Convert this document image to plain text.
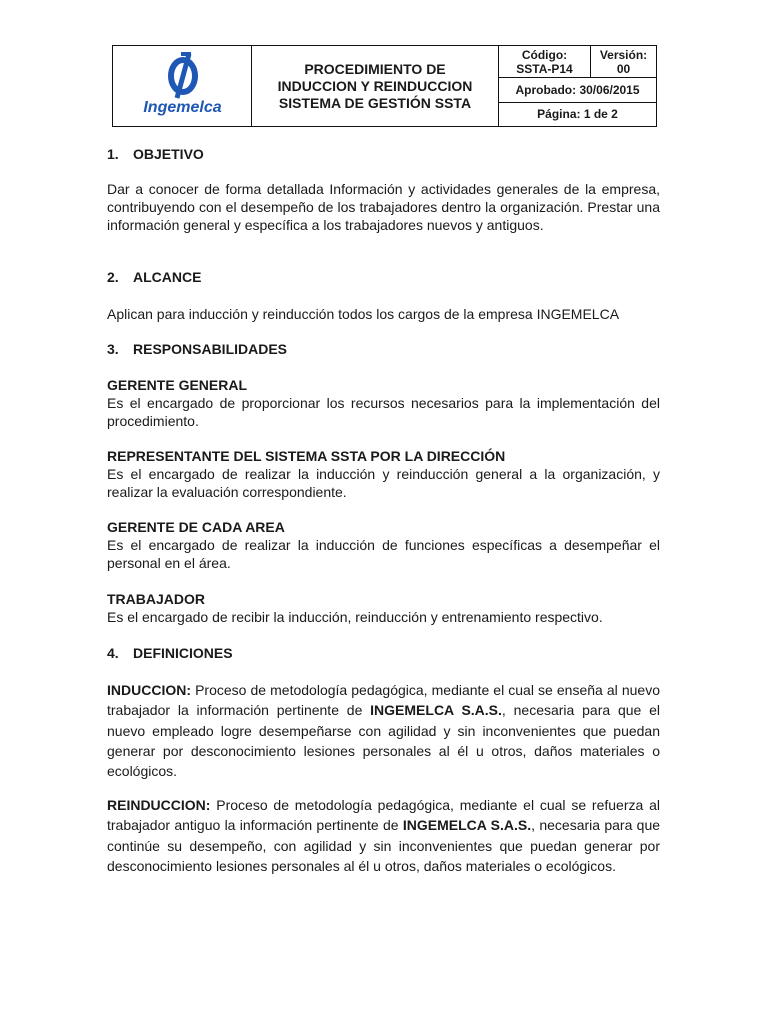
Ingemelca
PROCEDIMIENTO DE
INDUCCION Y REINDUCCION
SISTEMA DE GESTIÓN SSTA
Código:
SSTA-P14
Versión:
00
Aprobado: 30/06/2015
Página: 1 de 2
1. OBJETIVO
Dar a conocer de forma detallada Información y actividades generales de la empresa, contribuyendo con el desempeño de los trabajadores dentro la organización. Prestar una información general y específica a los trabajadores nuevos y antiguos.
2. ALCANCE
Aplican para inducción y reinducción todos los cargos de la empresa INGEMELCA
3. RESPONSABILIDADES
GERENTE GENERAL
Es el encargado de proporcionar los recursos necesarios para la implementación del procedimiento.
REPRESENTANTE DEL SISTEMA SSTA POR LA DIRECCIÓN
Es el encargado de realizar la inducción y reinducción general a la organización, y realizar la evaluación correspondiente.
GERENTE DE CADA AREA
Es el encargado de realizar la inducción de funciones específicas a desempeñar el personal en el área.
TRABAJADOR
Es el encargado de recibir la inducción, reinducción y entrenamiento respectivo.
4. DEFINICIONES
INDUCCION: Proceso de metodología pedagógica, mediante el cual se enseña al nuevo trabajador la información pertinente de INGEMELCA S.A.S., necesaria para que el nuevo empleado logre desempeñarse con agilidad y sin inconvenientes que puedan generar por desconocimiento lesiones personales al él u otros, daños materiales o ecológicos.
REINDUCCION: Proceso de metodología pedagógica, mediante el cual se refuerza al trabajador antiguo la información pertinente de INGEMELCA S.A.S., necesaria para que continúe su desempeño, con agilidad y sin inconvenientes que puedan generar por desconocimiento lesiones personales al él u otros, daños materiales o ecológicos.
